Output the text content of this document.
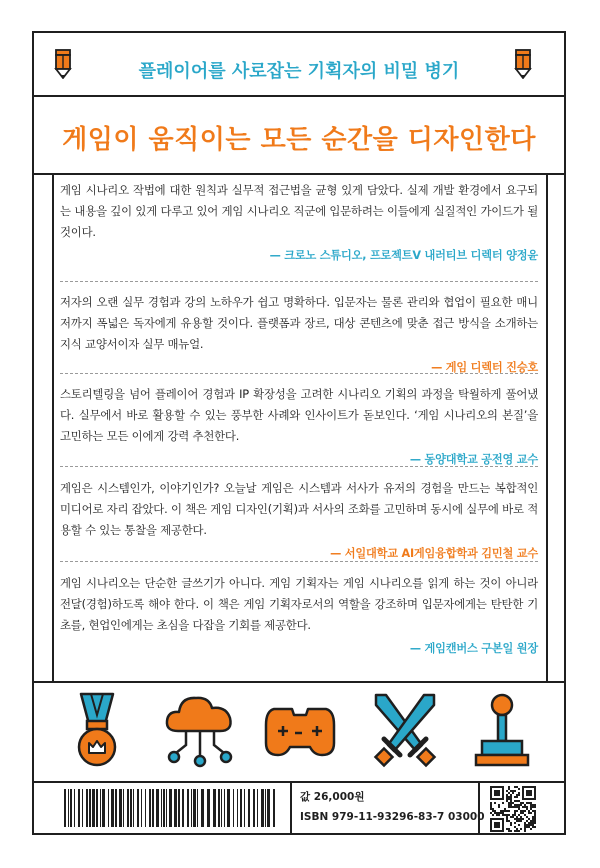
플레이어를 사로잡는 기획자의 비밀 병기
게임이 움직이는 모든 순간을 디자인한다
값 26,000원
ISBN 979-11-93296-83-7 03000

게임 시나리오 작법에 대한 원칙과 실무적 접근법을 균형 있게 담았다. 실제 개발 환경에서 요구되는 내용을 깊이 있게 다루고 있어 게임 시나리오 직군에 입문하려는 이들에게 실질적인 가이드가 될 것이다.

— 크로노 스튜디오, 프로젝트V 내러티브 디렉터 양정윤

저자의 오랜 실무 경험과 강의 노하우가 쉽고 명확하다. 입문자는 물론 관리와 협업이 필요한 매니저까지 폭넓은 독자에게 유용할 것이다. 플랫폼과 장르, 대상 콘텐츠에 맞춘 접근 방식을 소개하는 지식 교양서이자 실무 매뉴얼.

— 게임 디렉터 진승호

스토리텔링을 넘어 플레이어 경험과 IP 확장성을 고려한 시나리오 기획의 과정을 탁월하게 풀어냈다. 실무에서 바로 활용할 수 있는 풍부한 사례와 인사이트가 돋보인다. ‘게임 시나리오의 본질’을 고민하는 모든 이에게 강력 추천한다.

— 동양대학교 공전영 교수

게임은 시스템인가, 이야기인가? 오늘날 게임은 시스템과 서사가 유저의 경험을 만드는 복합적인 미디어로 자리 잡았다. 이 책은 게임 디자인(기획)과 서사의 조화를 고민하며 동시에 실무에 바로 적용할 수 있는 통찰을 제공한다.

— 서일대학교 AI게임융합학과 김민철 교수

게임 시나리오는 단순한 글쓰기가 아니다. 게임 기획자는 게임 시나리오를 읽게 하는 것이 아니라 전달(경험)하도록 해야 한다. 이 책은 게임 기획자로서의 역할을 강조하며 입문자에게는 탄탄한 기초를, 현업인에게는 초심을 다잡을 기회를 제공한다.

— 게임캔버스 구본일 원장
